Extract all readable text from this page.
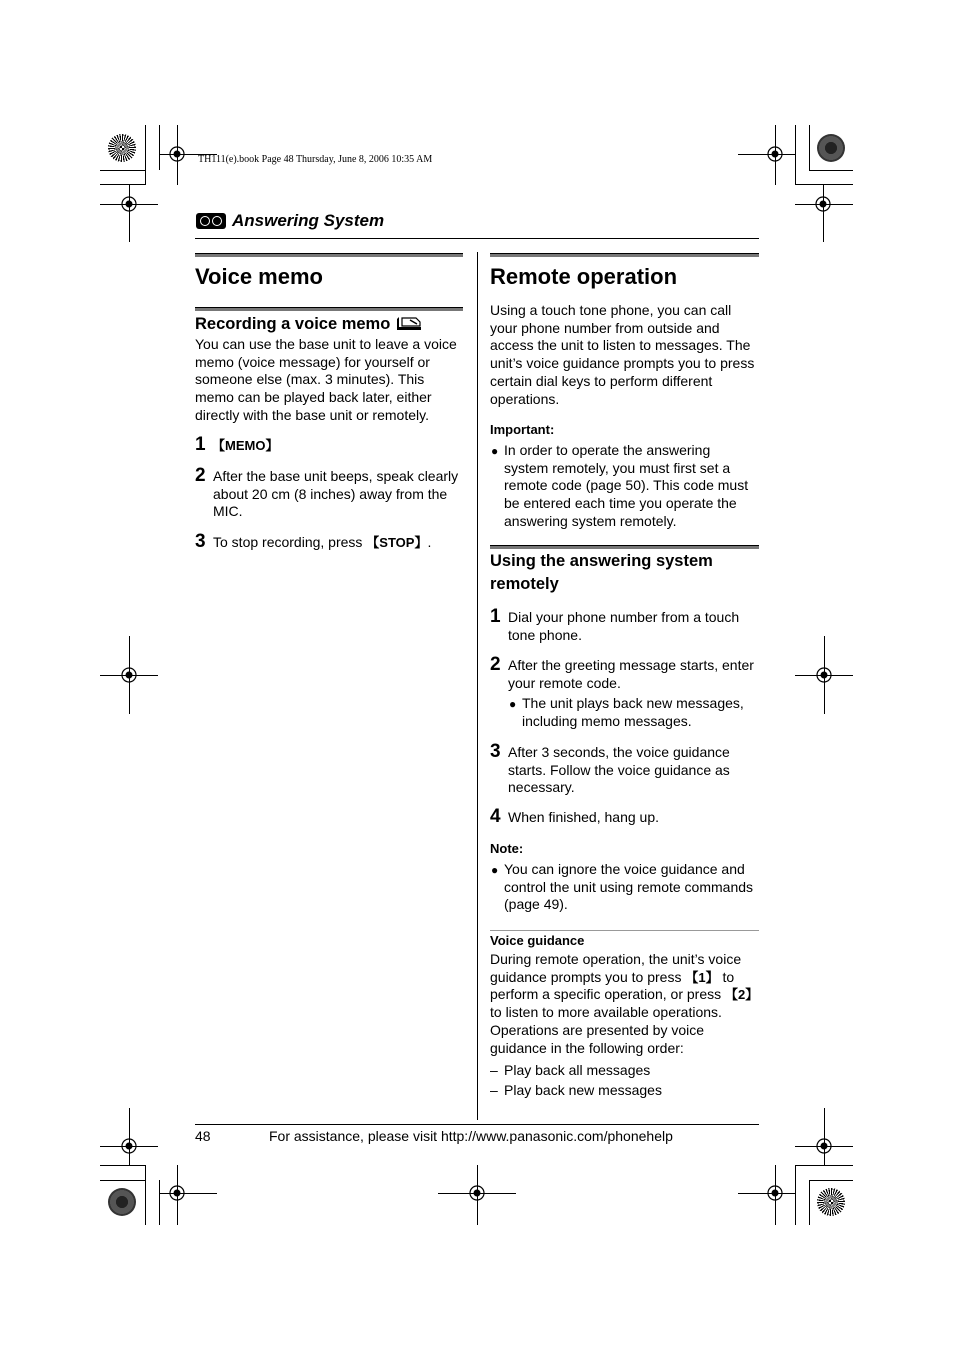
TH111(e).book Page 48 Thursday, June 8, 2006 10:35 AM
Answering System
Voice memo
Recording a voice memo
You can use the base unit to leave a voice
memo (voice message) for yourself or
someone else (max. 3 minutes). This
memo can be played back later, either
directly with the base unit or remotely.
1 【MEMO】
2 After the base unit beeps, speak clearly
about 20 cm (8 inches) away from the
MIC.
3 To stop recording, press 【STOP】.
Remote operation
Using a touch tone phone, you can call
your phone number from outside and
access the unit to listen to messages. The
unit’s voice guidance prompts you to press
certain dial keys to perform different
operations.
Important:
● In order to operate the answering
system remotely, you must first set a
remote code (page 50). This code must
be entered each time you operate the
answering system remotely.
Using the answering system
remotely
1 Dial your phone number from a touch
tone phone.
2 After the greeting message starts, enter
your remote code.
● The unit plays back new messages,
including memo messages.
3 After 3 seconds, the voice guidance
starts. Follow the voice guidance as
necessary.
4 When finished, hang up.
Note:
● You can ignore the voice guidance and
control the unit using remote commands
(page 49).
Voice guidance
During remote operation, the unit’s voice
guidance prompts you to press 【1】 to
perform a specific operation, or press 【2】
to listen to more available operations.
Operations are presented by voice
guidance in the following order:
– Play back all messages
– Play back new messages
48	For assistance, please visit http://www.panasonic.com/phonehelp
